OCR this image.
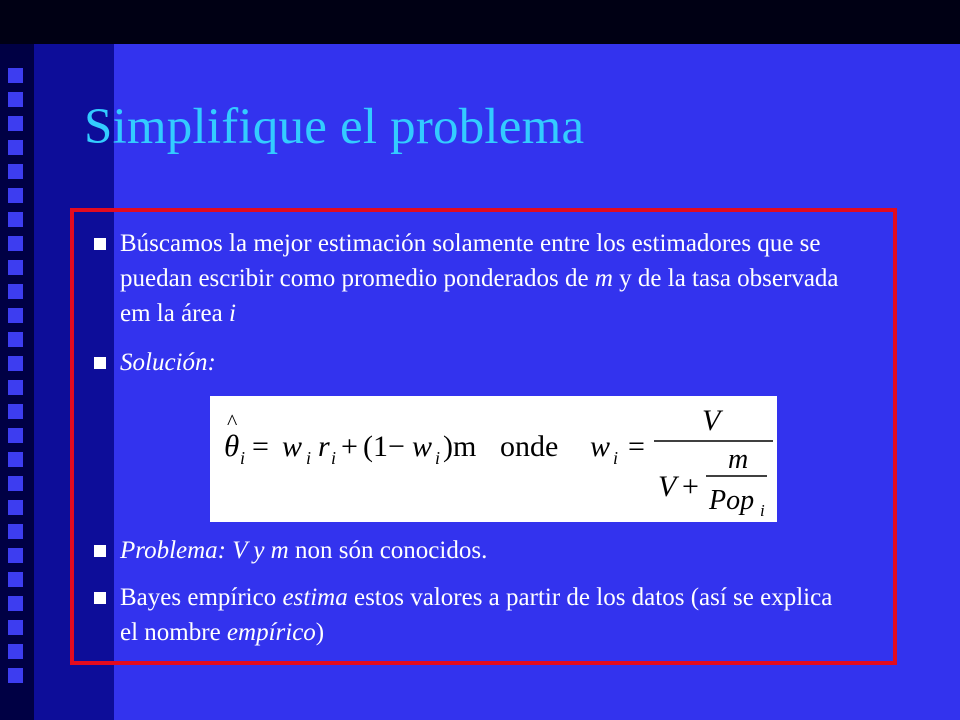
Simplifique el problema
Búscamos la mejor estimación solamente entre los estimadores que se puedan escribir como promedio ponderados de m y de la tasa observada em la área i
Solución:
θ
^
i = w i r i + (1− w i )m onde w i =
V
V +
m
Pop i
Problema: V y m non són conocidos.
Bayes empírico estima estos valores a partir de los datos (así se explica el nombre empírico)
